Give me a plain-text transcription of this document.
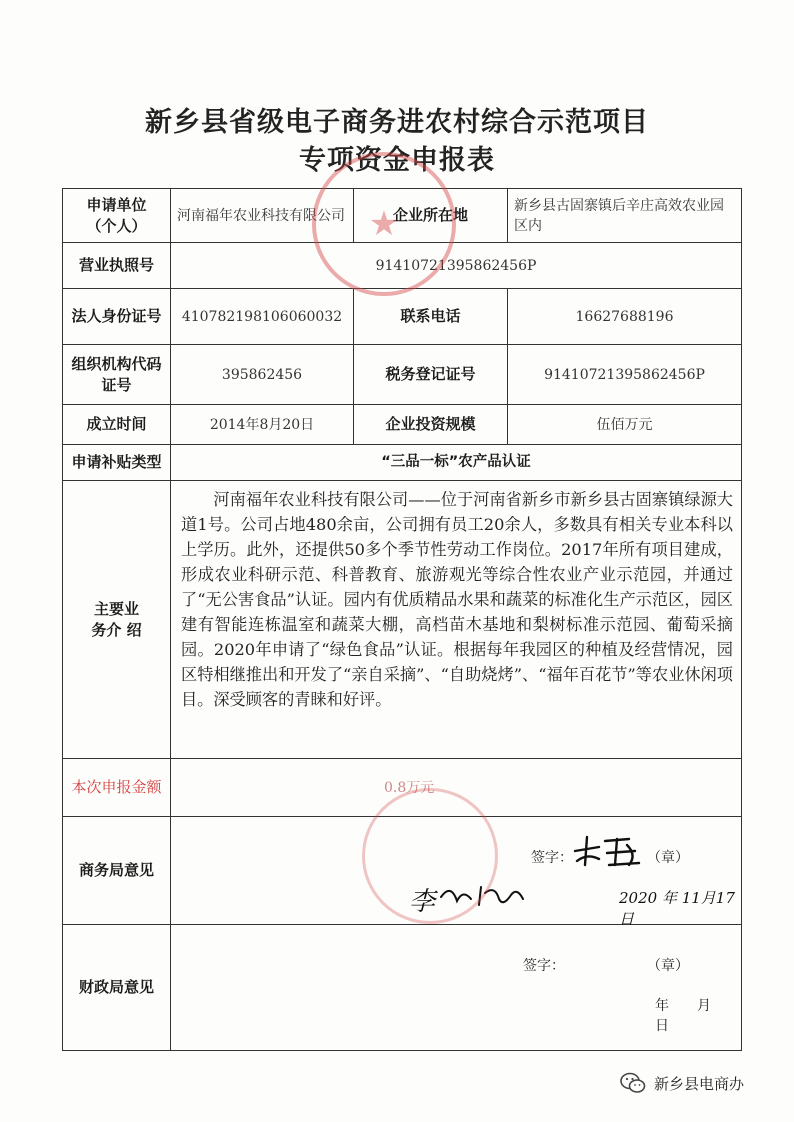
新乡县省级电子商务进农村综合示范项目
专项资金申报表
申请单位（个人）	河南福年农业科技有限公司	企业所在地	新乡县古固寨镇后辛庄高效农业园区内
营业执照号	91410721395862456P		
法人身份证号	410782198106060032	联系电话	16627688196
组织机构代码证号	395862456	税务登记证号	91410721395862456P
成立时间	2014年8月20日	企业投资规模	伍佰万元
申请补贴类型	“三品一标”农产品认证		
主要业务介 绍	河南福年农业科技有限公司——位于河南省新乡市新乡县古固寨镇绿源大道1号。公司占地480余亩，公司拥有员工20余人，多数具有相关专业本科以上学历。此外，还提供50多个季节性劳动工作岗位。2017年所有项目建成，形成农业科研示范、科普教育、旅游观光等综合性农业产业示范园，并通过了“无公害食品”认证。园内有优质精品水果和蔬菜的标准化生产示范区，园区建有智能连栋温室和蔬菜大棚，高档苗木基地和梨树标准示范园、葡萄采摘园。2020年申请了“绿色食品”认证。根据每年我园区的种植及经营情况，园区特相继推出和开发了“亲自采摘”、“自助烧烤”、“福年百花节”等农业休闲项目。深受顾客的青睐和好评。		

本次申报金额	0.8万元		
商务局意见	签字： （章）
李 2020 年 11月17日		

财政局意见	签字： （章）
年　　月　　日		
★
新乡县电商办
